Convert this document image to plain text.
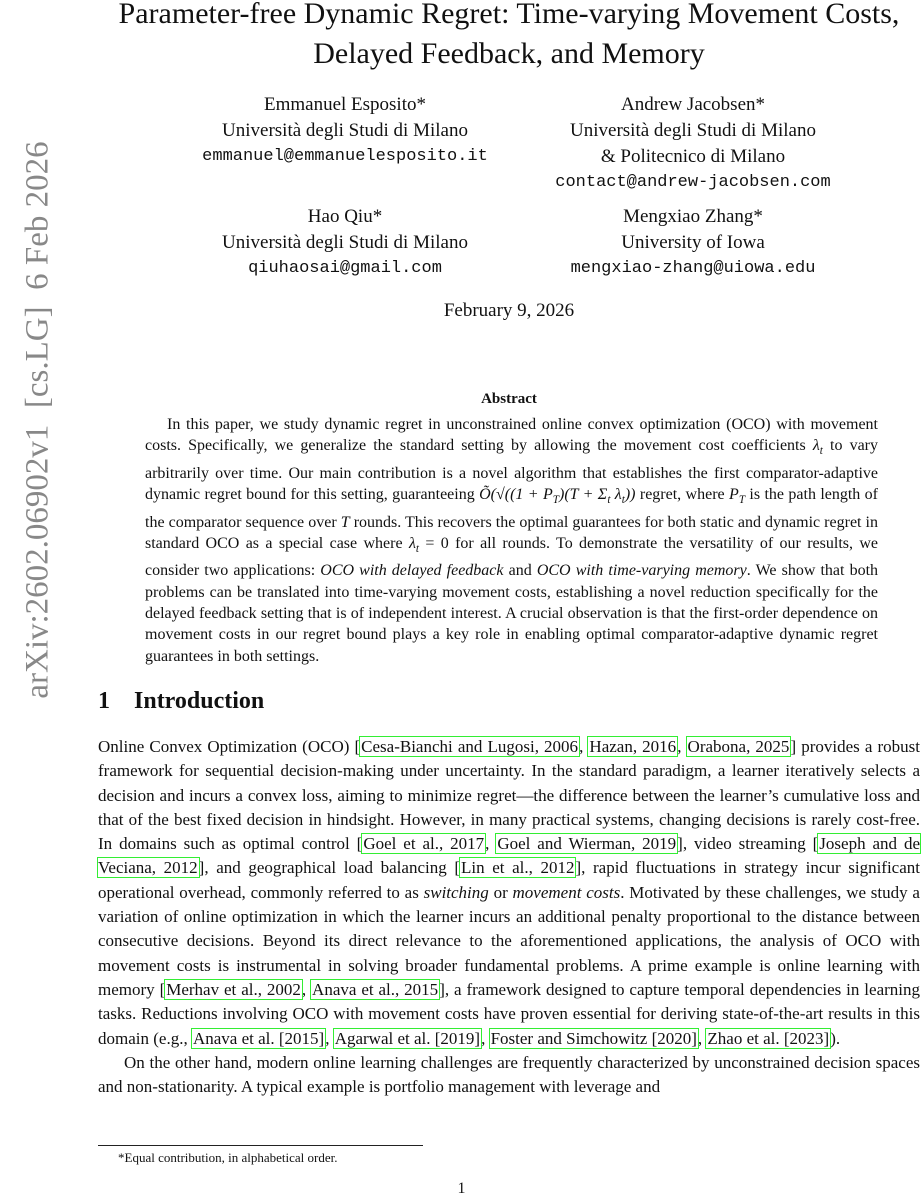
arXiv:2602.06902v1  [cs.LG]  6 Feb 2026
Parameter-free Dynamic Regret: Time-varying Movement Costs,
Delayed Feedback, and Memory
Emmanuel Esposito*
Università degli Studi di Milano
emmanuel@emmanuelesposito.it
Andrew Jacobsen*
Università degli Studi di Milano
& Politecnico di Milano
contact@andrew-jacobsen.com
Hao Qiu*
Università degli Studi di Milano
qiuhaosai@gmail.com
Mengxiao Zhang*
University of Iowa
mengxiao-zhang@uiowa.edu
February 9, 2026
Abstract
In this paper, we study dynamic regret in unconstrained online convex optimization (OCO) with movement costs. Specifically, we generalize the standard setting by allowing the movement cost coefficients $\lambda_t$ to vary arbitrarily over time. Our main contribution is a novel algorithm that establishes the first comparator-adaptive dynamic regret bound for this setting, guaranteeing Õ(√((1 + $P_T)(T + \Sigma_t$ $\lambda_t$)) regret, where $P_T$ is the path length of the comparator sequence over T rounds. This recovers the optimal guarantees for both static and dynamic regret in standard OCO as a special case where $\lambda_t = 0$ for all rounds. To demonstrate the versatility of our results, we consider two applications: OCO with delayed feedback and OCO with time-varying memory. We show that both problems can be translated into time-varying movement costs, establishing a novel reduction specifically for the delayed feedback setting that is of independent interest. A crucial observation is that the first-order dependence on movement costs in our regret bound plays a key role in enabling optimal comparator-adaptive dynamic regret guarantees in both settings.
1 Introduction

Online Convex Optimization (OCO) [Cesa-Bianchi and Lugosi, 2006, Hazan, 2016, Orabona, 2025] provides a robust framework for sequential decision-making under uncertainty. In the standard paradigm, a learner iteratively selects a decision and incurs a convex loss, aiming to minimize regret—the difference between the learner’s cumulative loss and that of the best fixed decision in hindsight. However, in many practical systems, changing decisions is rarely cost-free. In domains such as optimal control [Goel et al., 2017, Goel and Wierman, 2019], video streaming [Joseph and de Veciana, 2012], and geographical load balancing [Lin et al., 2012], rapid fluctuations in strategy incur significant operational overhead, commonly referred to as switching or movement costs. Motivated by these challenges, we study a variation of online optimization in which the learner incurs an additional penalty proportional to the distance between consecutive decisions. Beyond its direct relevance to the aforementioned applications, the analysis of OCO with movement costs is instrumental in solving broader fundamental problems. A prime example is online learning with memory [Merhav et al., 2002, Anava et al., 2015], a framework designed to capture temporal dependencies in learning tasks. Reductions involving OCO with movement costs have proven essential for deriving state-of-the-art results in this domain (e.g., Anava et al. [2015], Agarwal et al. [2019], Foster and Simchowitz [2020], Zhao et al. [2023]).

On the other hand, modern online learning challenges are frequently characterized by unconstrained decision spaces and non-stationarity. A typical example is portfolio management with leverage and

*Equal contribution, in alphabetical order.
1
